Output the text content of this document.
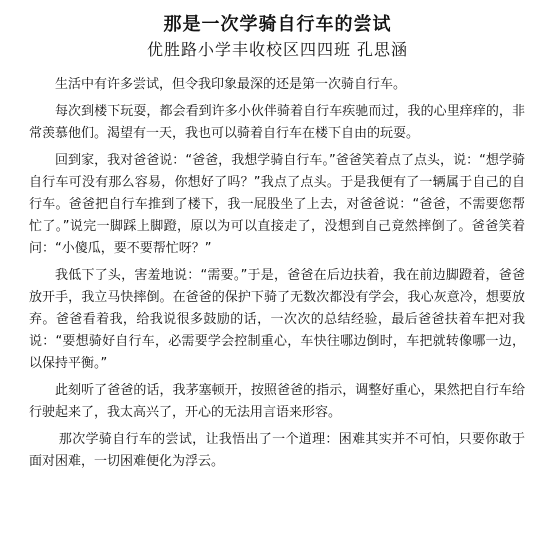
那是一次学骑自行车的尝试
优胜路小学丰收校区四四班 孔思涵

生活中有许多尝试，但令我印象最深的还是第一次骑自行车。

每次到楼下玩耍，都会看到许多小伙伴骑着自行车疾驰而过，我的心里痒痒的，非常羡慕他们。渴望有一天，我也可以骑着自行车在楼下自由的玩耍。

回到家，我对爸爸说：“爸爸，我想学骑自行车。”爸爸笑着点了点头，说：“想学骑自行车可没有那么容易，你想好了吗？”我点了点头。于是我便有了一辆属于自己的自行车。爸爸把自行车推到了楼下，我一屁股坐了上去，对爸爸说：“爸爸，不需要您帮忙了。”说完一脚踩上脚蹬，原以为可以直接走了，没想到自己竟然摔倒了。爸爸笑着问：“小傻瓜，要不要帮忙呀？”

我低下了头，害羞地说：“需要。”于是，爸爸在后边扶着，我在前边脚蹬着，爸爸放开手，我立马快摔倒。在爸爸的保护下骑了无数次都没有学会，我心灰意冷，想要放弃。爸爸看着我，给我说很多鼓励的话，一次次的总结经验，最后爸爸扶着车把对我说：“要想骑好自行车，必需要学会控制重心，车快往哪边倒时，车把就转像哪一边，以保持平衡。”

此刻听了爸爸的话，我茅塞顿开，按照爸爸的指示，调整好重心，果然把自行车给行驶起来了，我太高兴了，开心的无法用言语来形容。

那次学骑自行车的尝试，让我悟出了一个道理：困难其实并不可怕，只要你敢于面对困难，一切困难便化为浮云。
